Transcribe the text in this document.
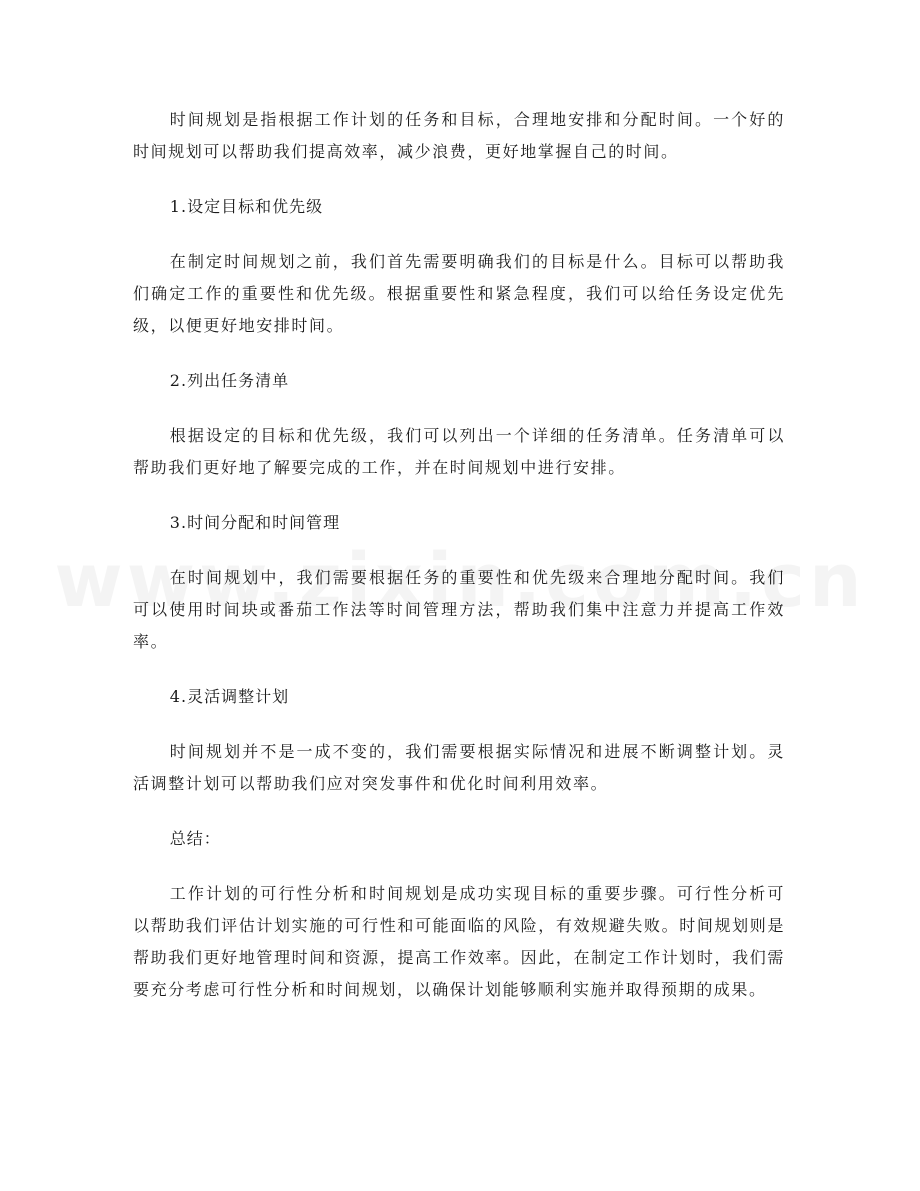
时间规划是指根据工作计划的任务和目标，合理地安排和分配时间。一个好的时间规划可以帮助我们提高效率，减少浪费，更好地掌握自己的时间。

1.设定目标和优先级

在制定时间规划之前，我们首先需要明确我们的目标是什么。目标可以帮助我们确定工作的重要性和优先级。根据重要性和紧急程度，我们可以给任务设定优先级，以便更好地安排时间。

2.列出任务清单

根据设定的目标和优先级，我们可以列出一个详细的任务清单。任务清单可以帮助我们更好地了解要完成的工作，并在时间规划中进行安排。

3.时间分配和时间管理

在时间规划中，我们需要根据任务的重要性和优先级来合理地分配时间。我们可以使用时间块或番茄工作法等时间管理方法，帮助我们集中注意力并提高工作效率。

4.灵活调整计划

时间规划并不是一成不变的，我们需要根据实际情况和进展不断调整计划。灵活调整计划可以帮助我们应对突发事件和优化时间利用效率。

总结：

工作计划的可行性分析和时间规划是成功实现目标的重要步骤。可行性分析可以帮助我们评估计划实施的可行性和可能面临的风险，有效规避失败。时间规划则是帮助我们更好地管理时间和资源，提高工作效率。因此，在制定工作计划时，我们需要充分考虑可行性分析和时间规划，以确保计划能够顺利实施并取得预期的成果。
